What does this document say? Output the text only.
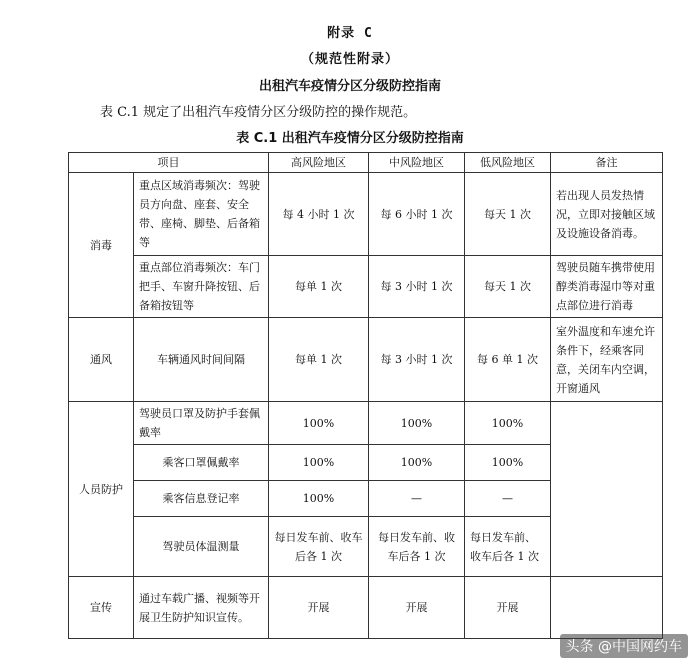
附录 C
（规范性附录）
出租汽车疫情分区分级防控指南
表 C.1 规定了出租汽车疫情分区分级防控的操作规范。
表 C.1 出租汽车疫情分区分级防控指南
项目		高风险地区	中风险地区	低风险地区	备注
消毒	重点区域消毒频次：驾驶员方向盘、座套、安全带、座椅、脚垫、后备箱等	每 4 小时 1 次	每 6 小时 1 次	每天 1 次	若出现人员发热情况，立即对接触区域及设施设备消毒。
	重点部位消毒频次：车门把手、车窗升降按钮、后备箱按钮等	每单 1 次	每 3 小时 1 次	每天 1 次	驾驶员随车携带使用醇类消毒湿巾等对重点部位进行消毒
通风	车辆通风时间间隔	每单 1 次	每 3 小时 1 次	每 6 单 1 次	室外温度和车速允许条件下，经乘客同意，关闭车内空调，开窗通风
人员防护	驾驶员口罩及防护手套佩戴率	100%	100%	100%	
	乘客口罩佩戴率	100%	100%	100%	
	乘客信息登记率	100%	—	—	
	驾驶员体温测量	每日发车前、收车后各 1 次	每日发车前、收车后各 1 次	每日发车前、收车后各 1 次	
宣传	通过车载广播、视频等开展卫生防护知识宣传。	开展	开展	开展	
头条 @中国网约车
